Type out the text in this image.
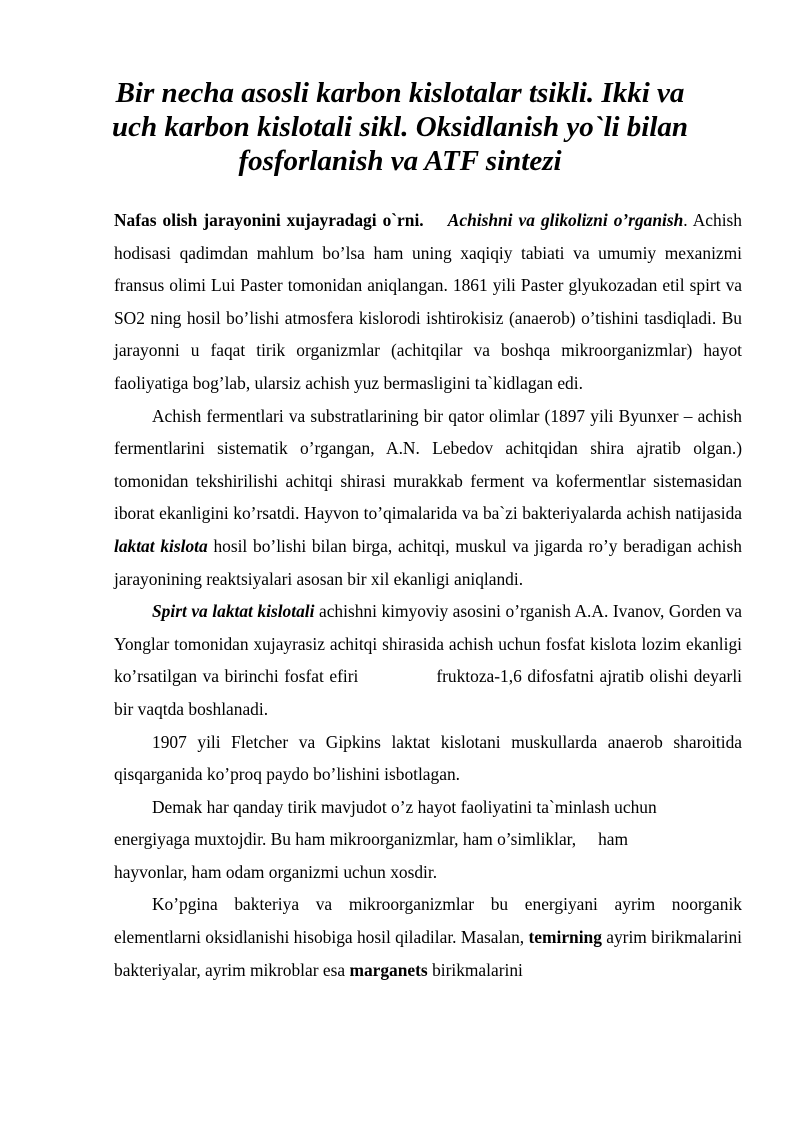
Bir necha asosli karbon kislotalar tsikli. Ikki va uch karbon kislotali sikl. Oksidlanish yo`li bilan fosforlanish va ATF sintezi

Nafas olish jarayonini xujayradagi o`rni. Achishni va glikolizni o’rganish. Achish hodisasi qadimdan mahlum bo’lsa ham uning xaqiqiy tabiati va umumiy mexanizmi fransus olimi Lui Paster tomonidan aniqlangan. 1861 yili Paster glyukozadan etil spirt va SO2 ning hosil bo’lishi atmosfera kislorodi ishtirokisiz (anaerob) o’tishini tasdiqladi. Bu jarayonni u faqat tirik organizmlar (achitqilar va boshqa mikroorganizmlar) hayot faoliyatiga bog’lab, ularsiz achish yuz bermasligini ta`kidlagan edi.

Achish fermentlari va substratlarining bir qator olimlar (1897 yili Byunxer – achish fermentlarini sistematik o’rgangan, A.N. Lebedov achitqidan shira ajratib olgan.) tomonidan tekshirilishi achitqi shirasi murakkab ferment va kofermentlar sistemasidan iborat ekanligini ko’rsatdi. Hayvon to’qimalarida va ba`zi bakteriyalarda achish natijasida laktat kislota hosil bo’lishi bilan birga, achitqi, muskul va jigarda ro’y beradigan achish jarayonining reaktsiyalari asosan bir xil ekanligi aniqlandi.

Spirt va laktat kislotali achishni kimyoviy asosini o’rganish A.A. Ivanov, Gorden va Yonglar tomonidan xujayrasiz achitqi shirasida achish uchun fosfat kislota lozim ekanligi ko’rsatilgan va birinchi fosfat efiri	fruktoza-1,6 difosfatni ajratib olishi deyarli bir vaqtda boshlanadi.

1907 yili Fletcher va Gipkins laktat kislotani muskullarda anaerob sharoitida qisqarganida ko’proq paydo bo’lishini isbotlagan.

Demak har qanday tirik mavjudot o’z hayot faoliyatini ta`minlash uchun
energiyaga muxtojdir. Bu ham mikroorganizmlar, ham o’simliklar, ham
hayvonlar, ham odam organizmi uchun xosdir.

Ko’pgina bakteriya va mikroorganizmlar bu energiyani ayrim noorganik elementlarni oksidlanishi hisobiga hosil qiladilar. Masalan, temirning ayrim birikmalarini bakteriyalar, ayrim mikroblar esa marganets birikmalarini
